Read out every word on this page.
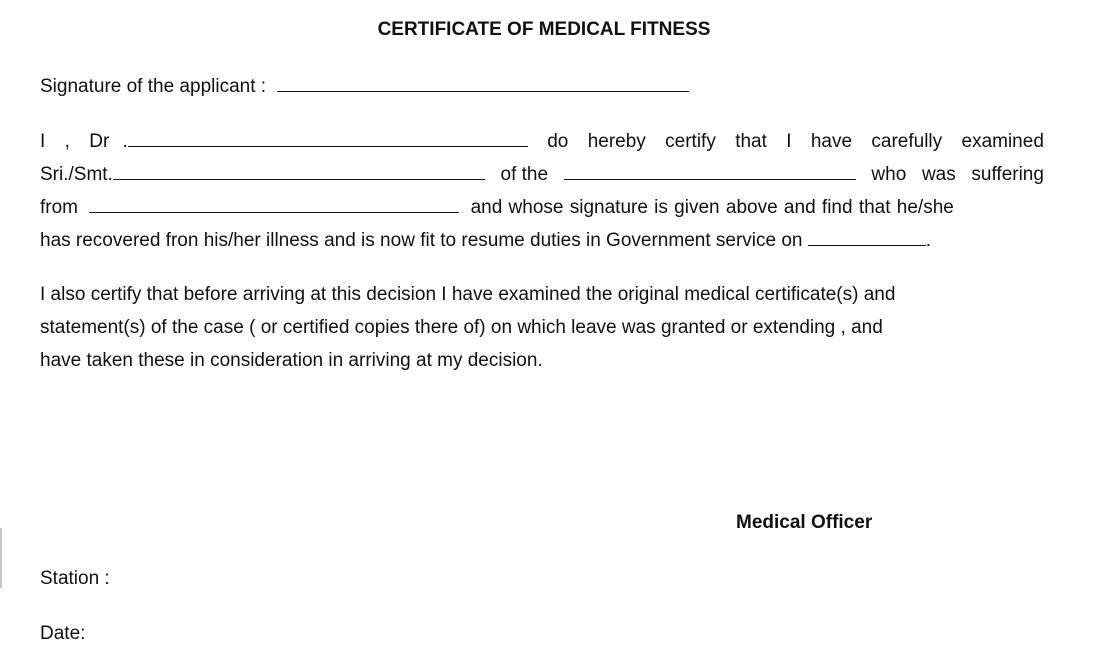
CERTIFICATE OF MEDICAL FITNESS
Signature of the applicant :
I , Dr .	do hereby certify that I have carefully examined
Sri./Smt.	of the	who was suffering
from	and whose signature is given above and find that he/she
has recovered fron his/her illness and is now fit to resume duties in Government service on	.
I also certify that before arriving at this decision I have examined the original medical certificate(s) and
statement(s) of the case ( or certified copies there of) on which leave was granted or extending , and
have taken these in consideration in arriving at my decision.
Medical Officer
Station :
Date:
